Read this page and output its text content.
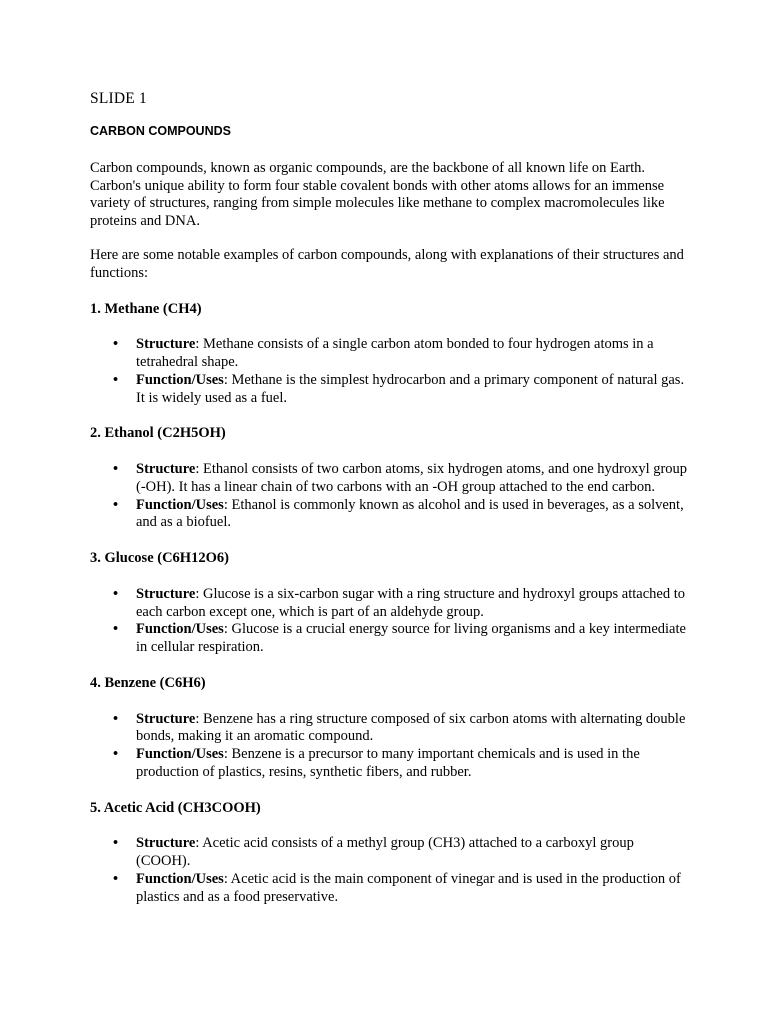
SLIDE 1

CARBON COMPOUNDS

Carbon compounds, known as organic compounds, are the backbone of all known life on Earth. Carbon's unique ability to form four stable covalent bonds with other atoms allows for an immense variety of structures, ranging from simple molecules like methane to complex macromolecules like proteins and DNA.

Here are some notable examples of carbon compounds, along with explanations of their structures and functions:

1. Methane (CH4)

• Structure: Methane consists of a single carbon atom bonded to four hydrogen atoms in a tetrahedral shape.
• Function/Uses: Methane is the simplest hydrocarbon and a primary component of natural gas. It is widely used as a fuel.

2. Ethanol (C2H5OH)

• Structure: Ethanol consists of two carbon atoms, six hydrogen atoms, and one hydroxyl group (-OH). It has a linear chain of two carbons with an -OH group attached to the end carbon.
• Function/Uses: Ethanol is commonly known as alcohol and is used in beverages, as a solvent, and as a biofuel.

3. Glucose (C6H12O6)

• Structure: Glucose is a six-carbon sugar with a ring structure and hydroxyl groups attached to each carbon except one, which is part of an aldehyde group.
• Function/Uses: Glucose is a crucial energy source for living organisms and a key intermediate in cellular respiration.

4. Benzene (C6H6)

• Structure: Benzene has a ring structure composed of six carbon atoms with alternating double bonds, making it an aromatic compound.
• Function/Uses: Benzene is a precursor to many important chemicals and is used in the production of plastics, resins, synthetic fibers, and rubber.

5. Acetic Acid (CH3COOH)

• Structure: Acetic acid consists of a methyl group (CH3) attached to a carboxyl group (COOH).
• Function/Uses: Acetic acid is the main component of vinegar and is used in the production of plastics and as a food preservative.
